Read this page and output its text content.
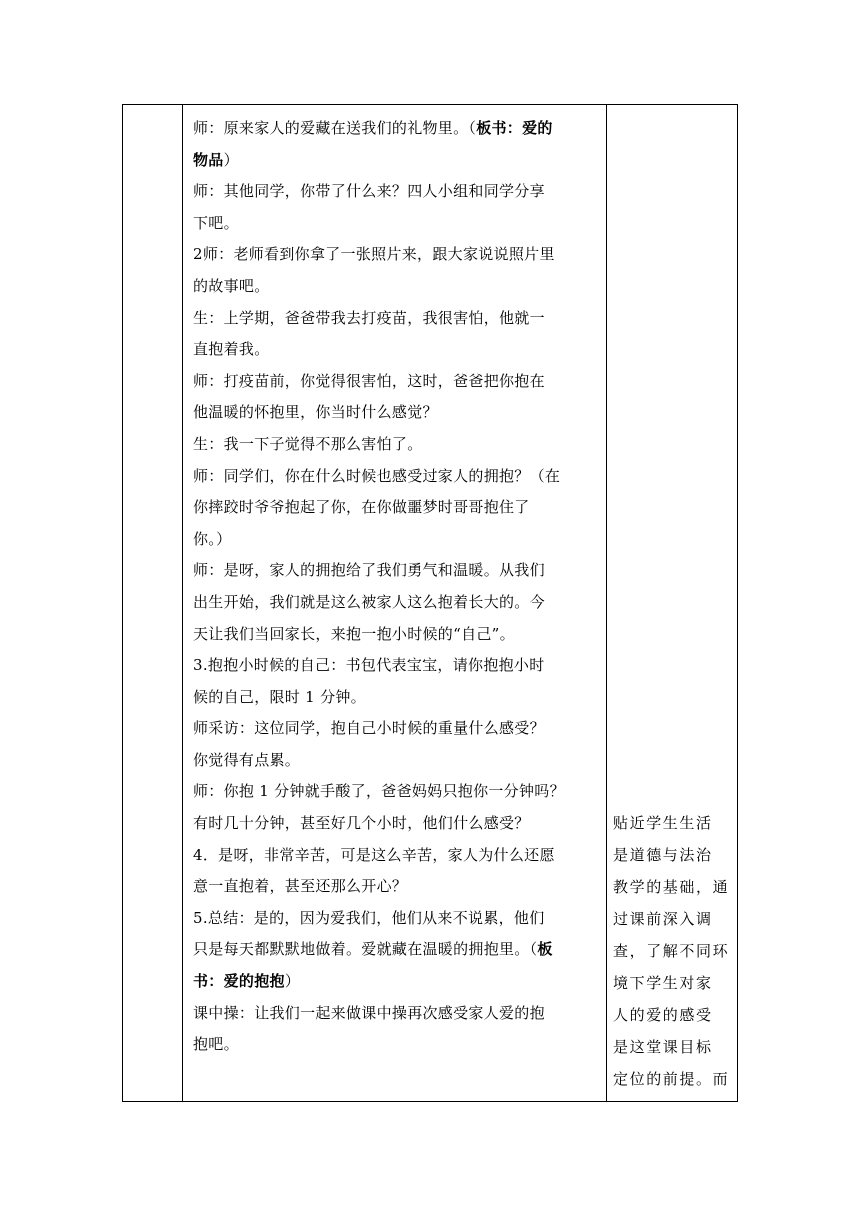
师：原来家人的爱藏在送我们的礼物里。（板书：爱的

物品）

师：其他同学，你带了什么来？四人小组和同学分享

下吧。

2师：老师看到你拿了一张照片来，跟大家说说照片里

的故事吧。

生：上学期，爸爸带我去打疫苗，我很害怕，他就一

直抱着我。

师：打疫苗前，你觉得很害怕，这时，爸爸把你抱在

他温暖的怀抱里，你当时什么感觉？

生：我一下子觉得不那么害怕了。

师：同学们，你在什么时候也感受过家人的拥抱？（在

你摔跤时爷爷抱起了你，在你做噩梦时哥哥抱住了

你。）

师：是呀，家人的拥抱给了我们勇气和温暖。从我们

出生开始，我们就是这么被家人这么抱着长大的。今

天让我们当回家长，来抱一抱小时候的“自己”。

3.抱抱小时候的自己：书包代表宝宝，请你抱抱小时

候的自己，限时 1 分钟。

师采访：这位同学，抱自己小时候的重量什么感受？

你觉得有点累。

师：你抱 1 分钟就手酸了，爸爸妈妈只抱你一分钟吗？

有时几十分钟，甚至好几个小时，他们什么感受？

4．是呀，非常辛苦，可是这么辛苦，家人为什么还愿

意一直抱着，甚至还那么开心？

5.总结：是的，因为爱我们，他们从来不说累，他们

只是每天都默默地做着。爱就藏在温暖的拥抱里。（板

书：爱的抱抱）

课中操：让我们一起来做课中操再次感受家人爱的抱

抱吧。

贴近学生生活

是道德与法治

教学的基础，通

过课前深入调

查，了解不同环

境下学生对家

人的爱的感受

是这堂课目标

定位的前提。而
